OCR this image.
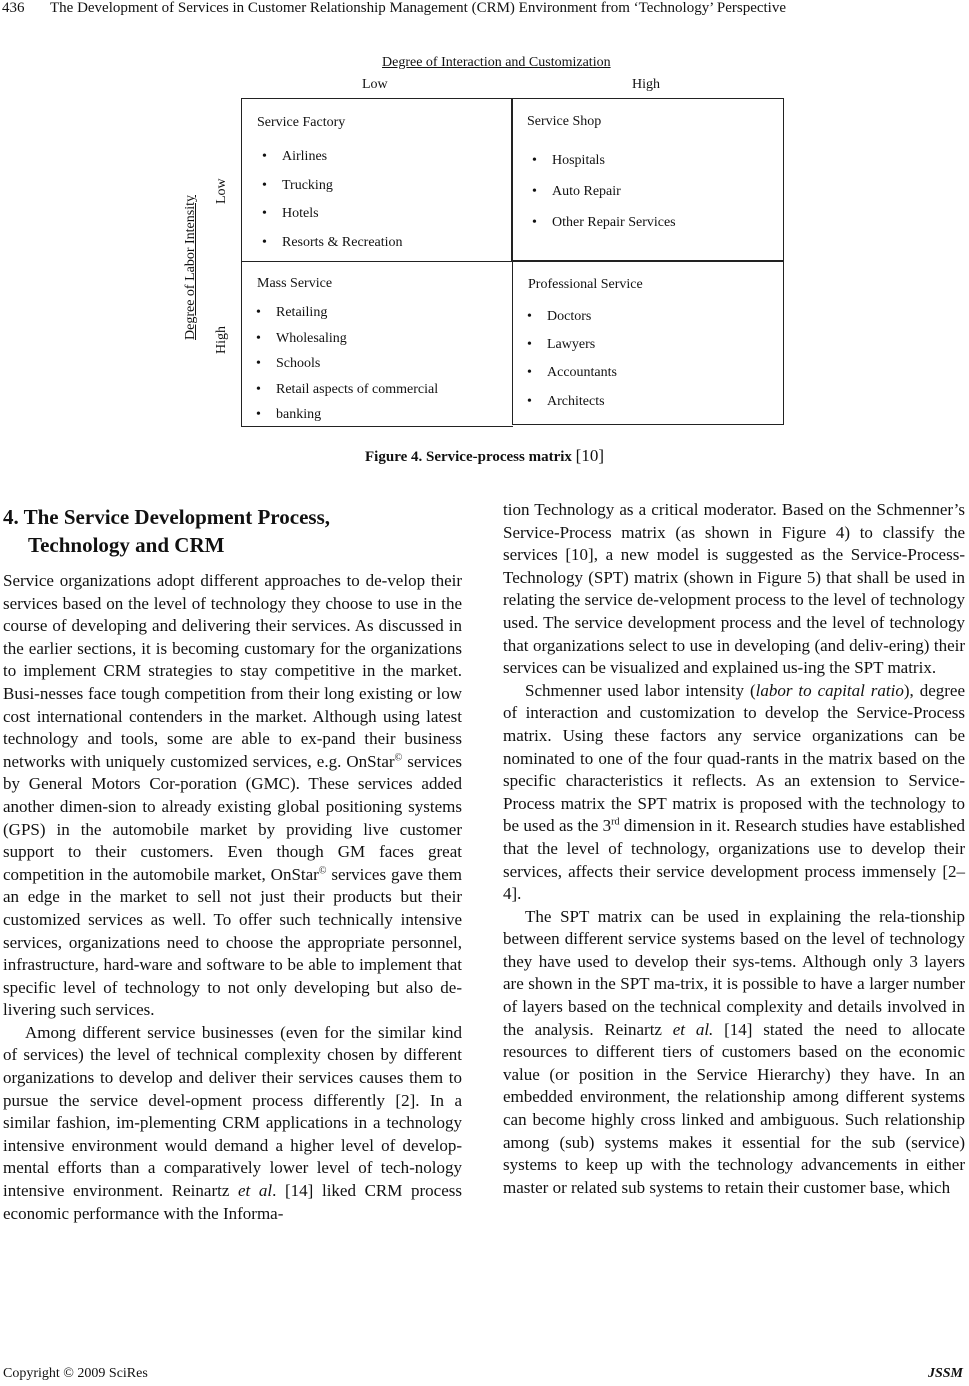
436 The Development of Services in Customer Relationship Management (CRM) Environment from ‘Technology’ Perspective
Degree of Interaction and Customization
Low	High
Degree of Labor Intensity
Low
High
Service Factory
• Airlines
• Trucking
• Hotels
• Resorts & Recreation
Service Shop
• Hospitals
• Auto Repair
• Other Repair Services
Mass Service
• Retailing
• Wholesaling
• Schools
• Retail aspects of commercial
• banking
Professional Service
• Doctors
• Lawyers
• Accountants
• Architects
Figure 4. Service-process matrix [10]
4. The Service Development Process,
Technology and CRM

Service organizations adopt different approaches to de-velop their services based on the level of technology they choose to use in the course of developing and delivering their services. As discussed in the earlier sections, it is becoming customary for the organizations to implement CRM strategies to stay competitive in the market. Busi-nesses face tough competition from their long existing or low cost international contenders in the market. Although using latest technology and tools, some are able to ex-pand their business networks with uniquely customized services, e.g. OnStar© services by General Motors Cor-poration (GMC). These services added another dimen-sion to already existing global positioning systems (GPS) in the automobile market by providing live customer support to their customers. Even though GM faces great competition in the automobile market, OnStar© services gave them an edge in the market to sell not just their products but their customized services as well. To offer such technically intensive services, organizations need to choose the appropriate personnel, infrastructure, hard-ware and software to be able to implement that specific level of technology to not only developing but also de-livering such services.

Among different service businesses (even for the similar kind of services) the level of technical complexity chosen by different organizations to develop and deliver their services causes them to pursue the service devel-opment process differently [2]. In a similar fashion, im-plementing CRM applications in a technology intensive environment would demand a higher level of develop-mental efforts than a comparatively lower level of tech-nology intensive environment. Reinartz et al. [14] liked CRM process economic performance with the Informa-

tion Technology as a critical moderator. Based on the Schmenner’s Service-Process matrix (as shown in Figure 4) to classify the services [10], a new model is suggested as the Service-Process-Technology (SPT) matrix (shown in Figure 5) that shall be used in relating the service de-velopment process to the level of technology used. The service development process and the level of technology that organizations select to use in developing (and deliv-ering) their services can be visualized and explained us-ing the SPT matrix.

Schmenner used labor intensity (labor to capital ratio), degree of interaction and customization to develop the Service-Process matrix. Using these factors any service organizations can be nominated to one of the four quad-rants in the matrix based on the specific characteristics it reflects. As an extension to Service-Process matrix the SPT matrix is proposed with the technology to be used as the 3rd dimension in it. Research studies have established that the level of technology, organizations use to develop their services, affects their service development process immensely [2–4].

The SPT matrix can be used in explaining the rela-tionship between different service systems based on the level of technology they have used to develop their sys-tems. Although only 3 layers are shown in the SPT ma-trix, it is possible to have a larger number of layers based on the technical complexity and details involved in the analysis. Reinartz et al. [14] stated the need to allocate resources to different tiers of customers based on the economic value (or position in the Service Hierarchy) they have. In an embedded environment, the relationship among different systems can become highly cross linked and ambiguous. Such relationship among (sub) systems makes it essential for the sub (service) systems to keep up with the technology advancements in either master or related sub systems to retain their customer base, which

Copyright © 2009 SciRes	JSSM
